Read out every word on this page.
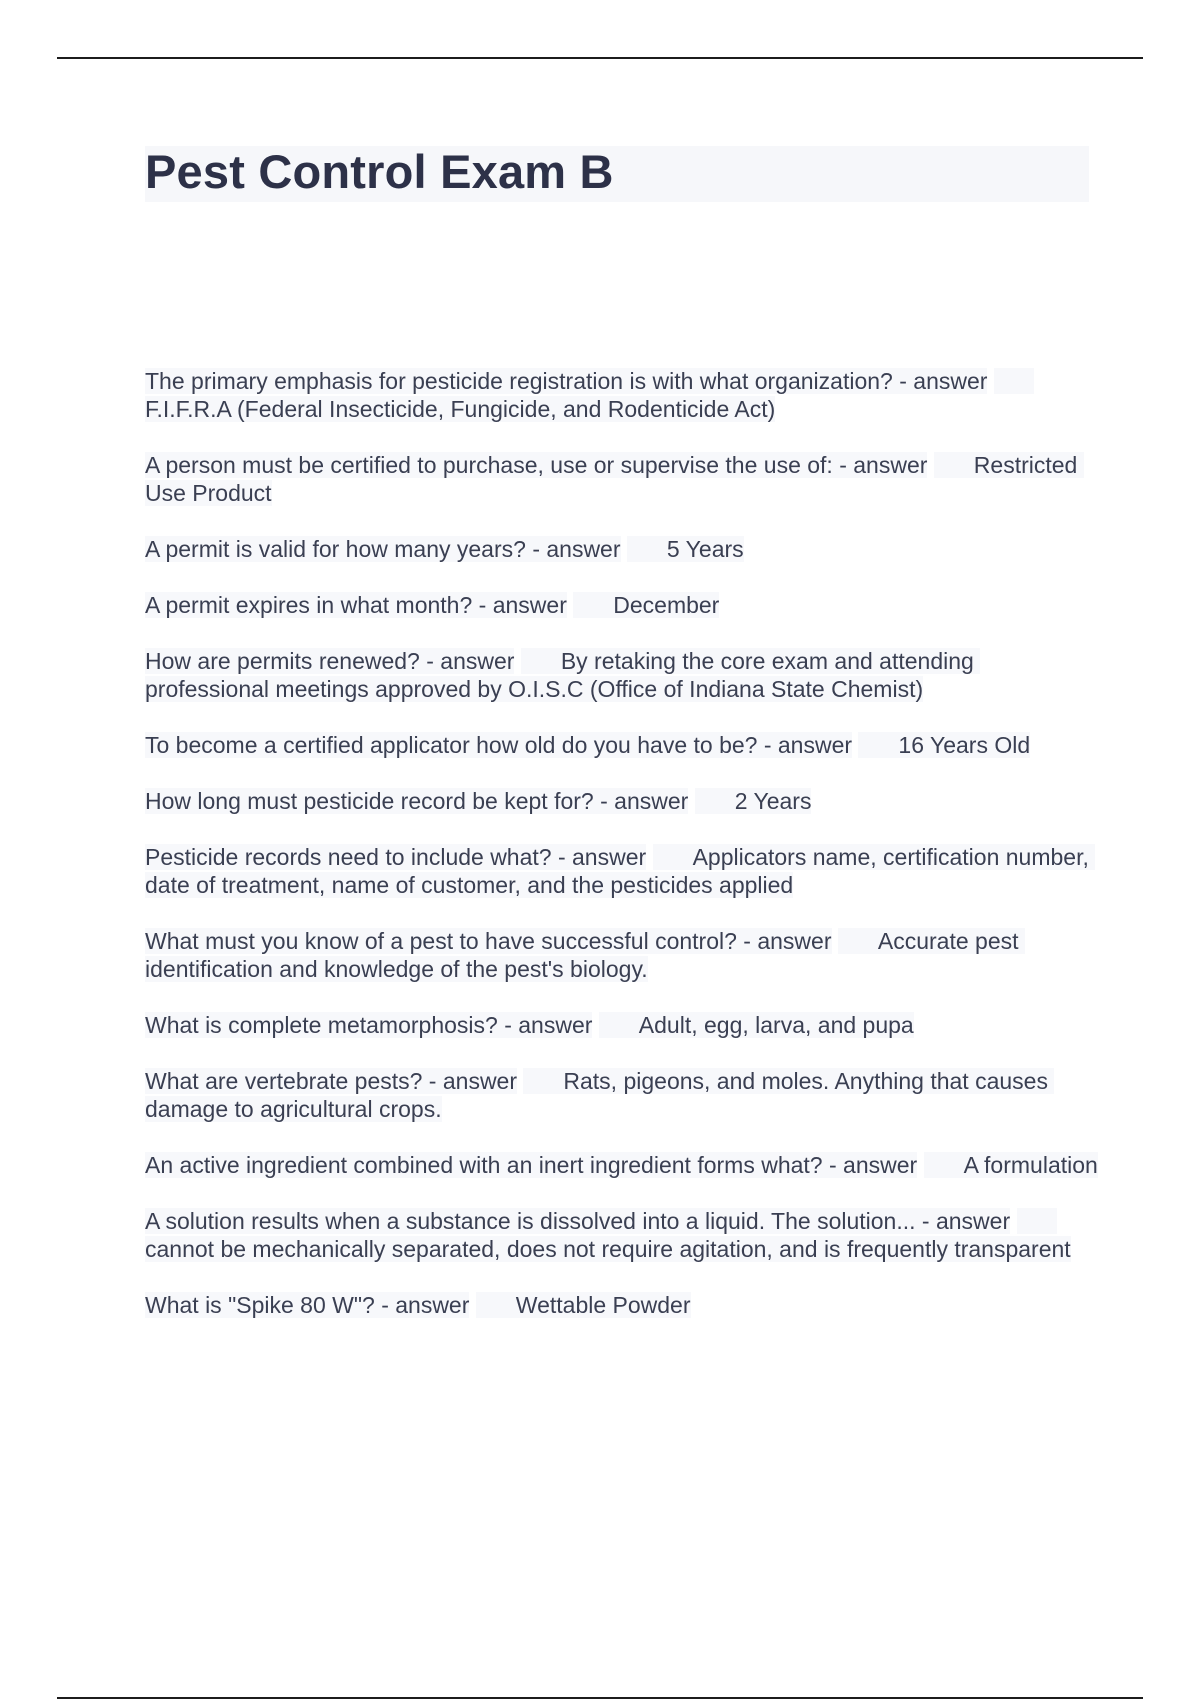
Pest Control Exam B
The primary emphasis for pesticide registration is with what organization? - answer F.I.F.R.A (Federal Insecticide, Fungicide, and Rodenticide Act)
A person must be certified to purchase, use or supervise the use of: - answer Restricted Use Product
A permit is valid for how many years? - answer 5 Years
A permit expires in what month? - answer December
How are permits renewed? - answer By retaking the core exam and attending professional meetings approved by O.I.S.C (Office of Indiana State Chemist)
To become a certified applicator how old do you have to be? - answer 16 Years Old
How long must pesticide record be kept for? - answer 2 Years
Pesticide records need to include what? - answer Applicators name, certification number, date of treatment, name of customer, and the pesticides applied
What must you know of a pest to have successful control? - answer Accurate pest identification and knowledge of the pest's biology.
What is complete metamorphosis? - answer Adult, egg, larva, and pupa
What are vertebrate pests? - answer Rats, pigeons, and moles. Anything that causes damage to agricultural crops.
An active ingredient combined with an inert ingredient forms what? - answer A formulation
A solution results when a substance is dissolved into a liquid. The solution... - answer cannot be mechanically separated, does not require agitation, and is frequently transparent
What is "Spike 80 W"? - answer Wettable Powder
